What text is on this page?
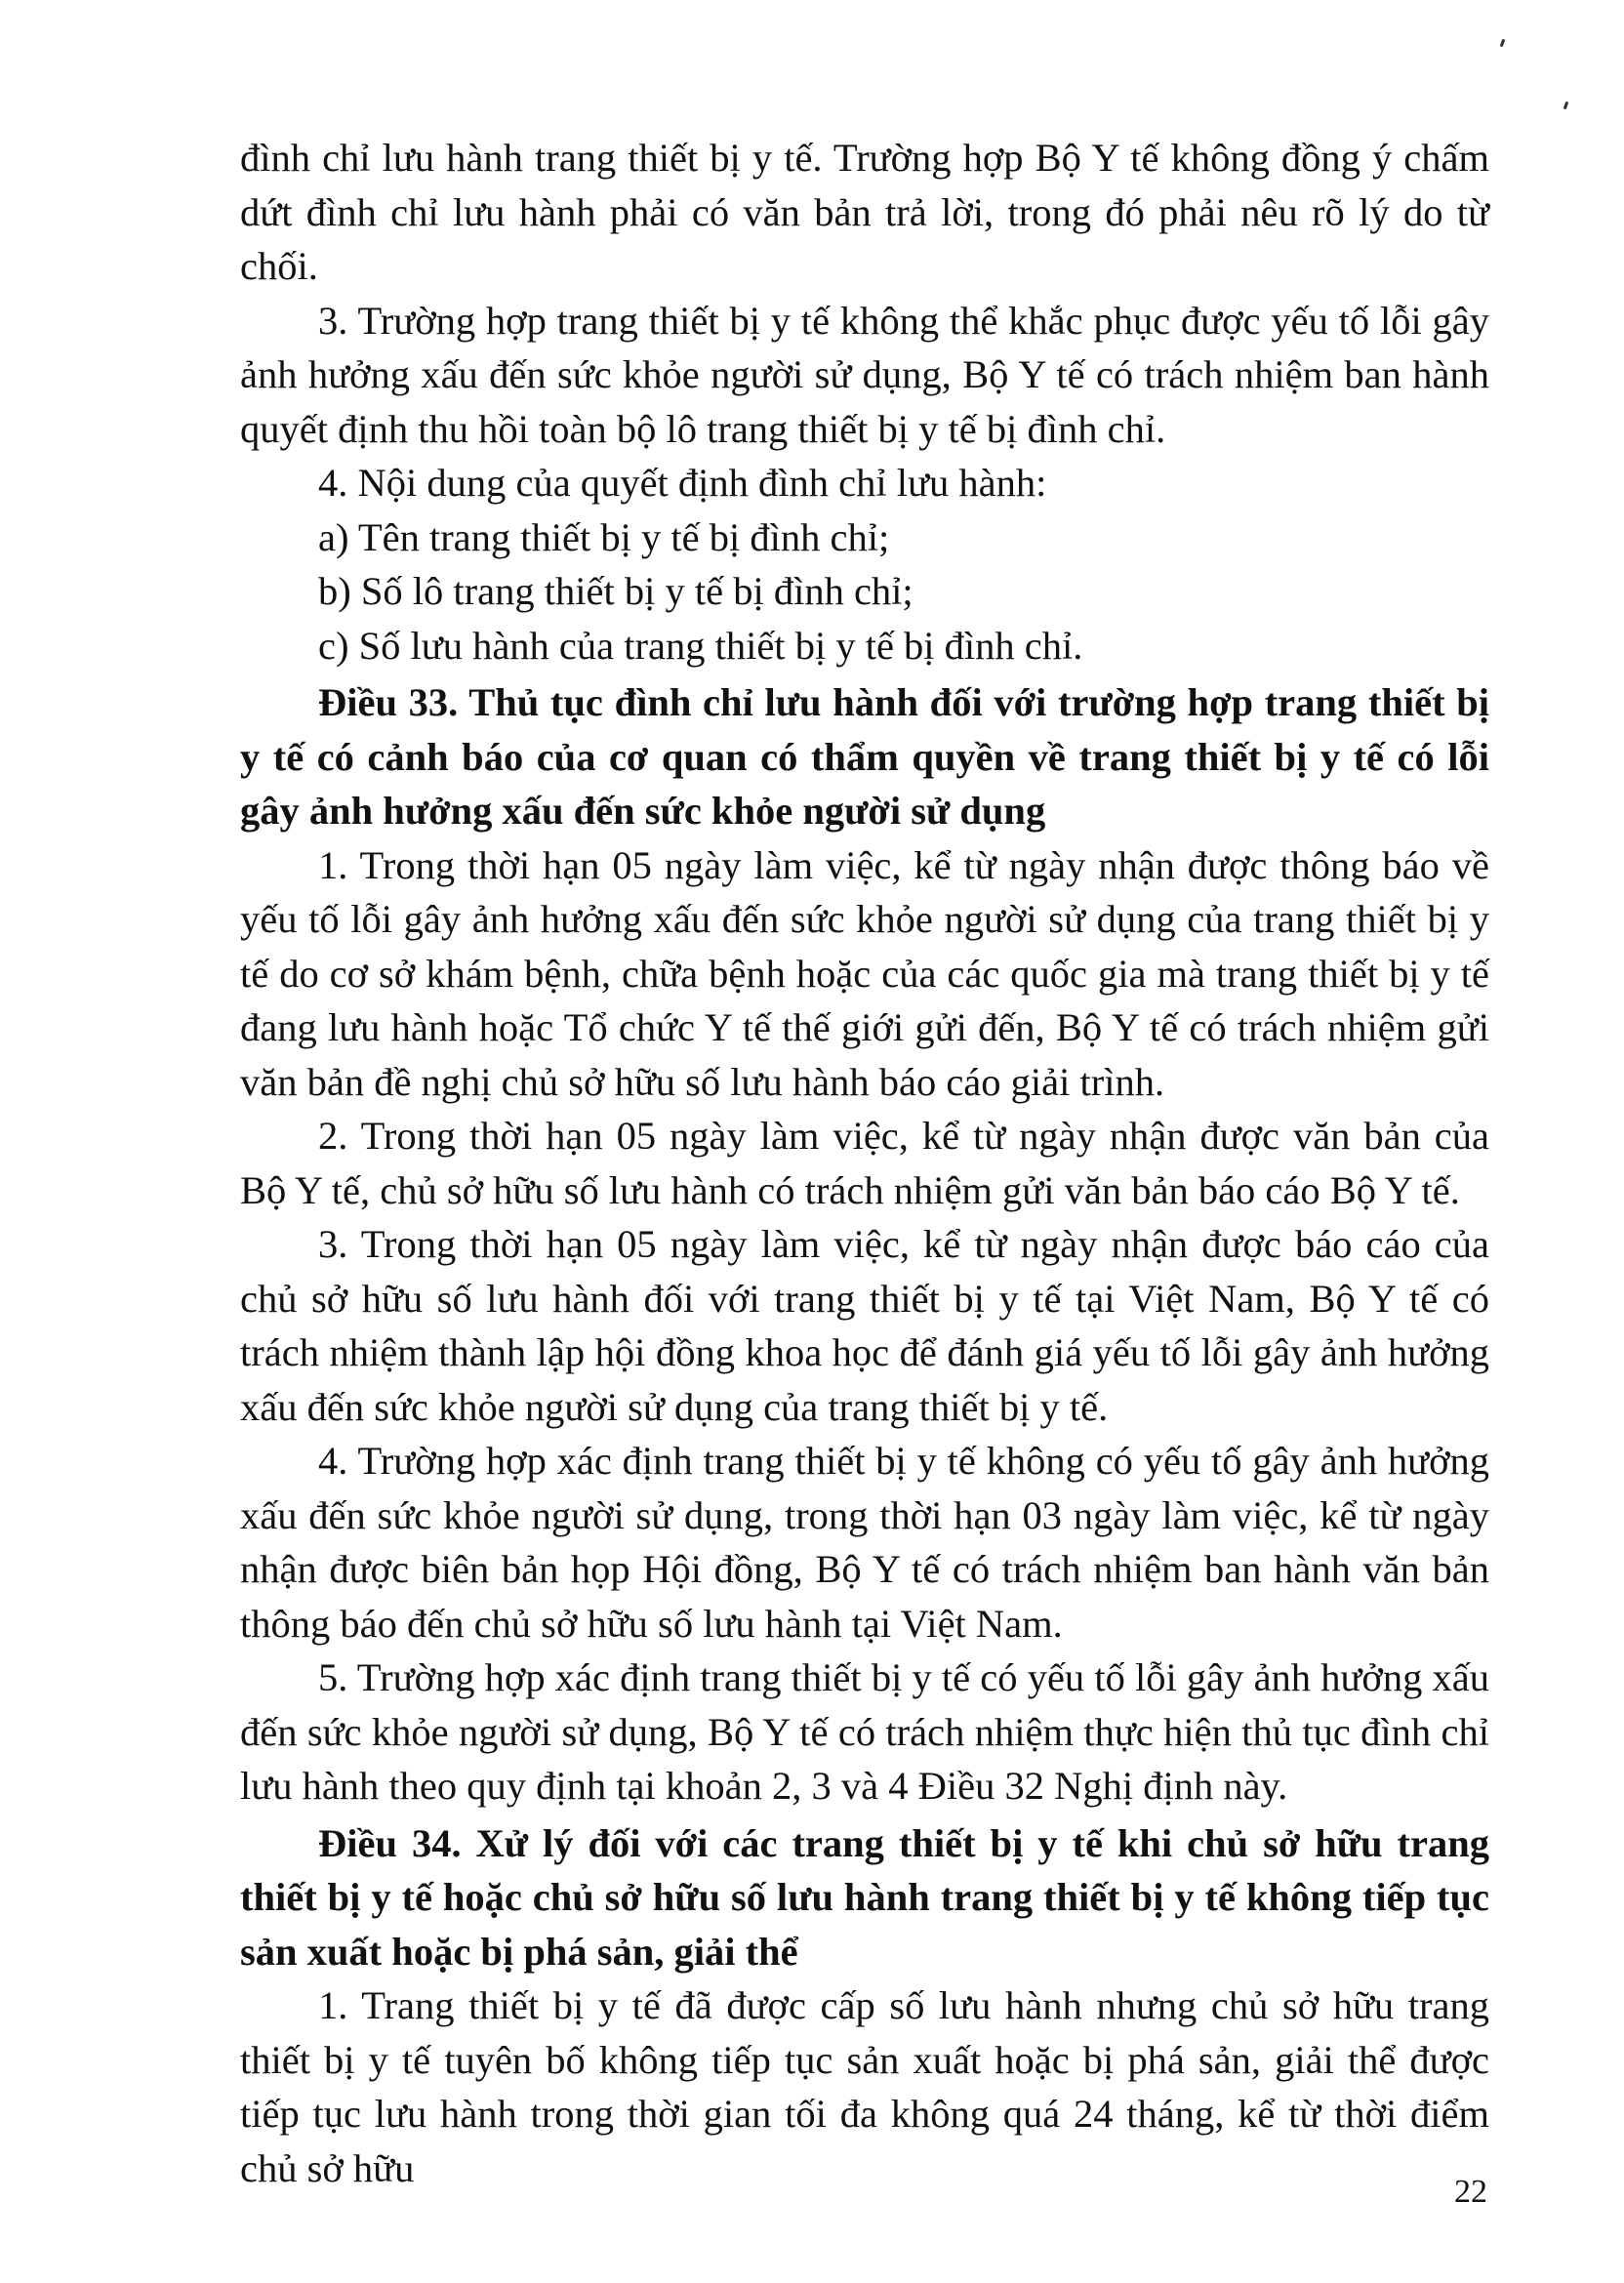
đình chỉ lưu hành trang thiết bị y tế. Trường hợp Bộ Y tế không đồng ý chấm dứt đình chỉ lưu hành phải có văn bản trả lời, trong đó phải nêu rõ lý do từ chối.

3. Trường hợp trang thiết bị y tế không thể khắc phục được yếu tố lỗi gây ảnh hưởng xấu đến sức khỏe người sử dụng, Bộ Y tế có trách nhiệm ban hành quyết định thu hồi toàn bộ lô trang thiết bị y tế bị đình chỉ.

4. Nội dung của quyết định đình chỉ lưu hành:

a) Tên trang thiết bị y tế bị đình chỉ;

b) Số lô trang thiết bị y tế bị đình chỉ;

c) Số lưu hành của trang thiết bị y tế bị đình chỉ.

Điều 33. Thủ tục đình chỉ lưu hành đối với trường hợp trang thiết bị y tế có cảnh báo của cơ quan có thẩm quyền về trang thiết bị y tế có lỗi gây ảnh hưởng xấu đến sức khỏe người sử dụng

1. Trong thời hạn 05 ngày làm việc, kể từ ngày nhận được thông báo về yếu tố lỗi gây ảnh hưởng xấu đến sức khỏe người sử dụng của trang thiết bị y tế do cơ sở khám bệnh, chữa bệnh hoặc của các quốc gia mà trang thiết bị y tế đang lưu hành hoặc Tổ chức Y tế thế giới gửi đến, Bộ Y tế có trách nhiệm gửi văn bản đề nghị chủ sở hữu số lưu hành báo cáo giải trình.

2. Trong thời hạn 05 ngày làm việc, kể từ ngày nhận được văn bản của Bộ Y tế, chủ sở hữu số lưu hành có trách nhiệm gửi văn bản báo cáo Bộ Y tế.

3. Trong thời hạn 05 ngày làm việc, kể từ ngày nhận được báo cáo của chủ sở hữu số lưu hành đối với trang thiết bị y tế tại Việt Nam, Bộ Y tế có trách nhiệm thành lập hội đồng khoa học để đánh giá yếu tố lỗi gây ảnh hưởng xấu đến sức khỏe người sử dụng của trang thiết bị y tế.

4. Trường hợp xác định trang thiết bị y tế không có yếu tố gây ảnh hưởng xấu đến sức khỏe người sử dụng, trong thời hạn 03 ngày làm việc, kể từ ngày nhận được biên bản họp Hội đồng, Bộ Y tế có trách nhiệm ban hành văn bản thông báo đến chủ sở hữu số lưu hành tại Việt Nam.

5. Trường hợp xác định trang thiết bị y tế có yếu tố lỗi gây ảnh hưởng xấu đến sức khỏe người sử dụng, Bộ Y tế có trách nhiệm thực hiện thủ tục đình chỉ lưu hành theo quy định tại khoản 2, 3 và 4 Điều 32 Nghị định này.

Điều 34. Xử lý đối với các trang thiết bị y tế khi chủ sở hữu trang thiết bị y tế hoặc chủ sở hữu số lưu hành trang thiết bị y tế không tiếp tục sản xuất hoặc bị phá sản, giải thể

1. Trang thiết bị y tế đã được cấp số lưu hành nhưng chủ sở hữu trang thiết bị y tế tuyên bố không tiếp tục sản xuất hoặc bị phá sản, giải thể được tiếp tục lưu hành trong thời gian tối đa không quá 24 tháng, kể từ thời điểm chủ sở hữu

22
